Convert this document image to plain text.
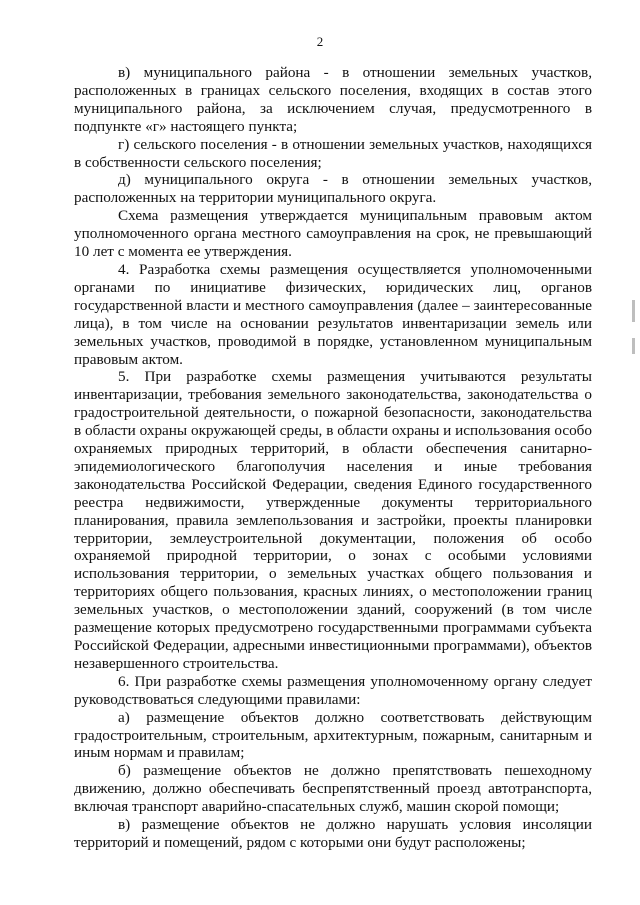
2

в) муниципального района - в отношении земельных участков, расположенных в границах сельского поселения, входящих в состав этого муниципального района, за исключением случая, предусмотренного в подпункте «г» настоящего пункта;

г) сельского поселения - в отношении земельных участков, находящихся в собственности сельского поселения;

д) муниципального округа - в отношении земельных участков, расположенных на территории муниципального округа.

Схема размещения утверждается муниципальным правовым актом уполномоченного органа местного самоуправления на срок, не превышающий 10 лет с момента ее утверждения.

4. Разработка схемы размещения осуществляется уполномоченными органами по инициативе физических, юридических лиц, органов государственной власти и местного самоуправления (далее – заинтересованные лица), в том числе на основании результатов инвентаризации земель или земельных участков, проводимой в порядке, установленном муниципальным правовым актом.

5. При разработке схемы размещения учитываются результаты инвентаризации, требования земельного законодательства, законодательства о градостроительной деятельности, о пожарной безопасности, законодательства в области охраны окружающей среды, в области охраны и использования особо охраняемых природных территорий, в области обеспечения санитарно-эпидемиологического благополучия населения и иные требования законодательства Российской Федерации, сведения Единого государственного реестра недвижимости, утвержденные документы территориального планирования, правила землепользования и застройки, проекты планировки территории, землеустроительной документации, положения об особо охраняемой природной территории, о зонах с особыми условиями использования территории, о земельных участках общего пользования и территориях общего пользования, красных линиях, о местоположении границ земельных участков, о местоположении зданий, сооружений (в том числе размещение которых предусмотрено государственными программами субъекта Российской Федерации, адресными инвестиционными программами), объектов незавершенного строительства.

6. При разработке схемы размещения уполномоченному органу следует руководствоваться следующими правилами:

а) размещение объектов должно соответствовать действующим градостроительным, строительным, архитектурным, пожарным, санитарным и иным нормам и правилам;

б) размещение объектов не должно препятствовать пешеходному движению, должно обеспечивать беспрепятственный проезд автотранспорта, включая транспорт аварийно-спасательных служб, машин скорой помощи;

в) размещение объектов не должно нарушать условия инсоляции территорий и помещений, рядом с которыми они будут расположены;
